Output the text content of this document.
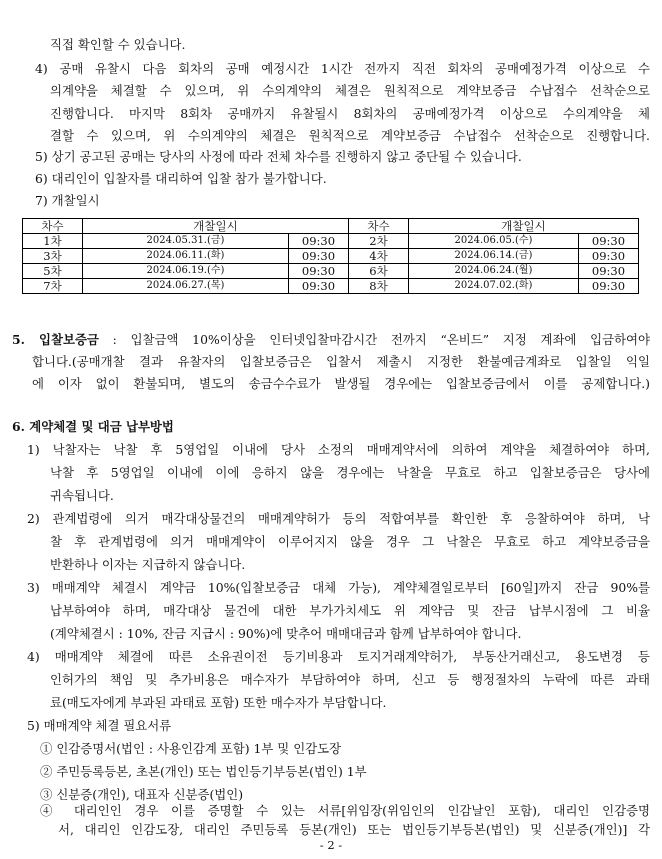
직접 확인할 수 있습니다.
4) 공매 유찰시 다음 회차의 공매 예정시간 1시간 전까지 직전 회차의 공매예정가격 이상으로 수
의계약을 체결할 수 있으며, 위 수의계약의 체결은 원칙적으로 계약보증금 수납접수 선착순으로
진행합니다. 마지막 8회차 공매까지 유찰될시 8회차의 공매예정가격 이상으로 수의계약을 체
결할 수 있으며, 위 수의계약의 체결은 원칙적으로 계약보증금 수납접수 선착순으로 진행합니다.
5) 상기 공고된 공매는 당사의 사정에 따라 전체 차수를 진행하지 않고 중단될 수 있습니다.
6) 대리인이 입찰자를 대리하여 입찰 참가 불가합니다.
7) 개찰일시
차수	개찰일시		차수	개찰일시	
1차	2024.05.31.(금)	09:30	2차	2024.06.05.(수)	09:30
3차	2024.06.11.(화)	09:30	4차	2024.06.14.(금)	09:30
5차	2024.06.19.(수)	09:30	6차	2024.06.24.(월)	09:30
7차	2024.06.27.(목)	09:30	8차	2024.07.02.(화)	09:30
5. 입찰보증금 : 입찰금액 10%이상을 인터넷입찰마감시간 전까지 “온비드” 지정 계좌에 입금하여야
합니다.(공매개찰 결과 유찰자의 입찰보증금은 입찰서 제출시 지정한 환불예금계좌로 입찰일 익일
에 이자 없이 환불되며, 별도의 송금수수료가 발생될 경우에는 입찰보증금에서 이를 공제합니다.)
6. 계약체결 및 대금 납부방법
1) 낙찰자는 낙찰 후 5영업일 이내에 당사 소정의 매매계약서에 의하여 계약을 체결하여야 하며,
낙찰 후 5영업일 이내에 이에 응하지 않을 경우에는 낙찰을 무효로 하고 입찰보증금은 당사에
귀속됩니다.
2) 관계법령에 의거 매각대상물건의 매매계약허가 등의 적합여부를 확인한 후 응찰하여야 하며, 낙
찰 후 관계법령에 의거 매매계약이 이루어지지 않을 경우 그 낙찰은 무효로 하고 계약보증금을
반환하나 이자는 지급하지 않습니다.
3) 매매계약 체결시 계약금 10%(입찰보증금 대체 가능), 계약체결일로부터 [60일]까지 잔금 90%를
납부하여야 하며, 매각대상 물건에 대한 부가가치세도 위 계약금 및 잔금 납부시점에 그 비율
(계약체결시 : 10%, 잔금 지급시 : 90%)에 맞추어 매매대금과 함께 납부하여야 합니다.
4) 매매계약 체결에 따른 소유권이전 등기비용과 토지거래계약허가, 부동산거래신고, 용도변경 등
인허가의 책임 및 추가비용은 매수자가 부담하여야 하며, 신고 등 행정절차의 누락에 따른 과태
료(매도자에게 부과된 과태료 포함) 또한 매수자가 부담합니다.
5) 매매계약 체결 필요서류
① 인감증명서(법인 : 사용인감계 포함) 1부 및 인감도장
② 주민등록등본, 초본(개인) 또는 법인등기부등본(법인) 1부
③ 신분증(개인), 대표자 신분증(법인)
④ 대리인인 경우 이를 증명할 수 있는 서류[위임장(위임인의 인감날인 포함), 대리인 인감증명
서, 대리인 인감도장, 대리인 주민등록 등본(개인) 또는 법인등기부등본(법인) 및 신분증(개인)] 각
- 2 -
